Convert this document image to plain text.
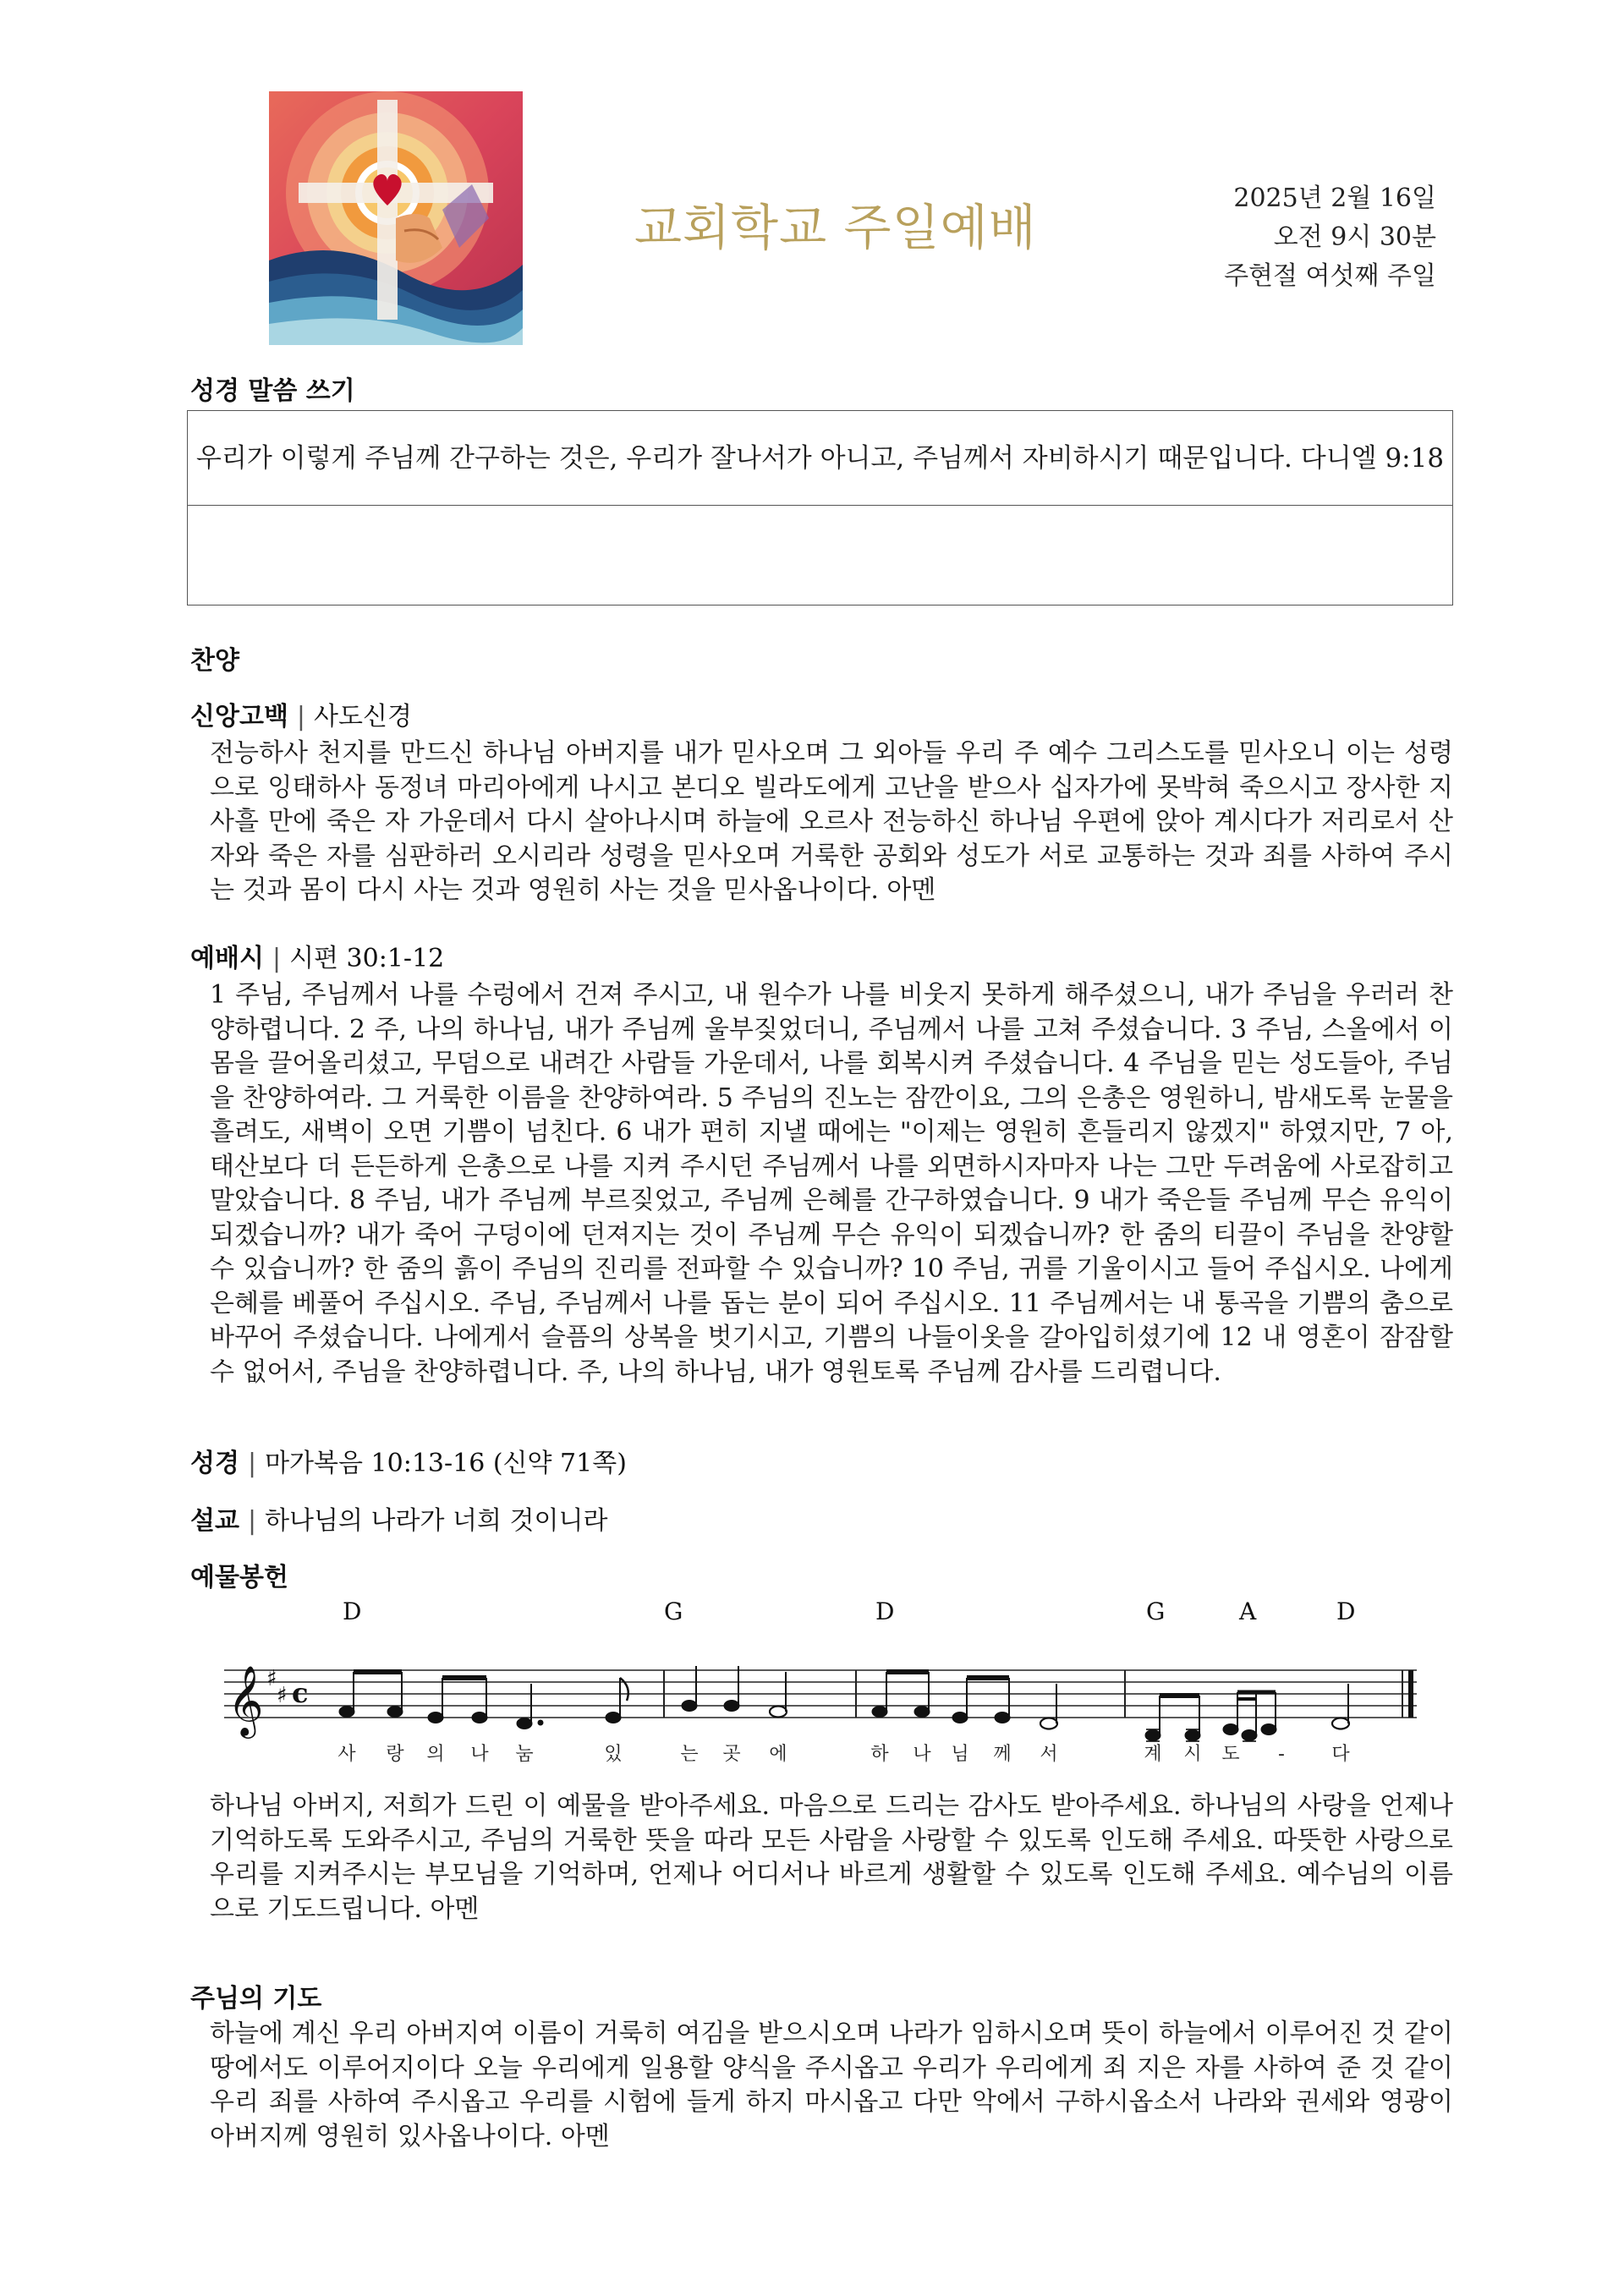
교회학교 주일예배
2025년 2월 16일
오전 9시 30분
주현절 여섯째 주일
성경 말씀 쓰기
우리가 이렇게 주님께 간구하는 것은, 우리가 잘나서가 아니고, 주님께서 자비하시기 때문입니다. 다니엘 9:18
찬양
신앙고백 | 사도신경
전능하사 천지를 만드신 하나님 아버지를 내가 믿사오며 그 외아들 우리 주 예수 그리스도를 믿사오니 이는 성령으로 잉태하사 동정녀 마리아에게 나시고 본디오 빌라도에게 고난을 받으사 십자가에 못박혀 죽으시고 장사한 지 사흘 만에 죽은 자 가운데서 다시 살아나시며 하늘에 오르사 전능하신 하나님 우편에 앉아 계시다가 저리로서 산 자와 죽은 자를 심판하러 오시리라 성령을 믿사오며 거룩한 공회와 성도가 서로 교통하는 것과 죄를 사하여 주시는 것과 몸이 다시 사는 것과 영원히 사는 것을 믿사옵나이다. 아멘
예배시 | 시편 30:1-12
1 주님, 주님께서 나를 수렁에서 건져 주시고, 내 원수가 나를 비웃지 못하게 해주셨으니, 내가 주님을 우러러 찬양하렵니다. 2 주, 나의 하나님, 내가 주님께 울부짖었더니, 주님께서 나를 고쳐 주셨습니다. 3 주님, 스올에서 이 몸을 끌어올리셨고, 무덤으로 내려간 사람들 가운데서, 나를 회복시켜 주셨습니다. 4 주님을 믿는 성도들아, 주님을 찬양하여라. 그 거룩한 이름을 찬양하여라. 5 주님의 진노는 잠깐이요, 그의 은총은 영원하니, 밤새도록 눈물을 흘려도, 새벽이 오면 기쁨이 넘친다. 6 내가 편히 지낼 때에는 "이제는 영원히 흔들리지 않겠지" 하였지만, 7 아, 태산보다 더 든든하게 은총으로 나를 지켜 주시던 주님께서 나를 외면하시자마자 나는 그만 두려움에 사로잡히고 말았습니다. 8 주님, 내가 주님께 부르짖었고, 주님께 은혜를 간구하였습니다. 9 내가 죽은들 주님께 무슨 유익이 되겠습니까? 내가 죽어 구덩이에 던져지는 것이 주님께 무슨 유익이 되겠습니까? 한 줌의 티끌이 주님을 찬양할 수 있습니까? 한 줌의 흙이 주님의 진리를 전파할 수 있습니까? 10 주님, 귀를 기울이시고 들어 주십시오. 나에게 은혜를 베풀어 주십시오. 주님, 주님께서 나를 돕는 분이 되어 주십시오. 11 주님께서는 내 통곡을 기쁨의 춤으로 바꾸어 주셨습니다. 나에게서 슬픔의 상복을 벗기시고, 기쁨의 나들이옷을 갈아입히셨기에 12 내 영혼이 잠잠할 수 없어서, 주님을 찬양하렵니다. 주, 나의 하나님, 내가 영원토록 주님께 감사를 드리렵니다.
성경 | 마가복음 10:13-16 (신약 71쪽)
설교 | 하나님의 나라가 너희 것이니라
예물봉헌
𝄞 ♯
♯ c
D	G	D	G	A	D
사 랑 의 나 눔	있	는 곳 에	하 나 님 께 서	계 시 도 -	다
하나님 아버지, 저희가 드린 이 예물을 받아주세요. 마음으로 드리는 감사도 받아주세요. 하나님의 사랑을 언제나 기억하도록 도와주시고, 주님의 거룩한 뜻을 따라 모든 사람을 사랑할 수 있도록 인도해 주세요. 따뜻한 사랑으로 우리를 지켜주시는 부모님을 기억하며, 언제나 어디서나 바르게 생활할 수 있도록 인도해 주세요. 예수님의 이름으로 기도드립니다. 아멘
주님의 기도
하늘에 계신 우리 아버지여 이름이 거룩히 여김을 받으시오며 나라가 임하시오며 뜻이 하늘에서 이루어진 것 같이 땅에서도 이루어지이다 오늘 우리에게 일용할 양식을 주시옵고 우리가 우리에게 죄 지은 자를 사하여 준 것 같이 우리 죄를 사하여 주시옵고 우리를 시험에 들게 하지 마시옵고 다만 악에서 구하시옵소서 나라와 권세와 영광이 아버지께 영원히 있사옵나이다. 아멘
